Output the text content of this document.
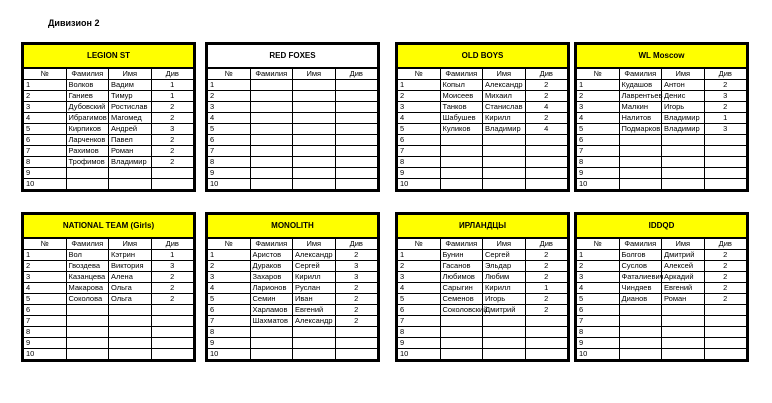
Дивизион 2
LEGION ST			
№	Фамилия	Имя	Див
1	Волков	Вадим	1
2	Ганиев	Тимур	1
3	Дубовский	Ростислав	2
4	Ибрагимов	Магомед	2
5	Кирпиков	Андрей	3
6	Ларченков	Павел	2
7	Рахимов	Роман	2
8	Трофимов	Владимир	2
9			
10			
RED FOXES			
№	Фамилия	Имя	Див
1			
2			
3			
4			
5			
6			
7			
8			
9			
10			
OLD BOYS			
№	Фамилия	Имя	Див
1	Копыл	Александр	2
2	Моисеев	Михаил	2
3	Танков	Станислав	4
4	Шабушев	Кирилл	2
5	Куликов	Владимир	4
6			
7			
8			
9			
10			
WL Moscow			
№	Фамилия	Имя	Див
1	Кудашов	Антон	2
2	Лаврентьев	Денис	3
3	Малкин	Игорь	2
4	Налитов	Владимир	1
5	Подмарков	Владимир	3
6			
7			
8			
9			
10			
NATIONAL TEAM (Girls)			
№	Фамилия	Имя	Див
1	Вол	Кэтрин	1
2	Гвоздева	Виктория	3
3	Казанцева	Алена	2
4	Макарова	Ольга	2
5	Соколова	Ольга	2
6			
7			
8			
9			
10			
MONOLITH			
№	Фамилия	Имя	Див
1	Аристов	Александр	2
2	Дураков	Сергей	3
3	Захаров	Кирилл	3
4	Ларионов	Руслан	2
5	Семин	Иван	2
6	Харламов	Евгений	2
7	Шахматов	Александр	2
8			
9			
10			
ИРЛАНДЦЫ			
№	Фамилия	Имя	Див
1	Бунин	Сергей	2
2	Гасанов	Эльдар	2
3	Любимов	Любим	2
4	Сарыгин	Кирилл	1
5	Семенов	Игорь	2
6	Соколовский	Дмитрий	2
7			
8			
9			
10			
IDDQD			
№	Фамилия	Имя	Див
1	Болгов	Дмитрий	2
2	Суслов	Алексей	2
3	Фаталиевич	Аркадий	2
4	Чиндяев	Евгений	2
5	Дианов	Роман	2
6			
7			
8			
9			
10			
